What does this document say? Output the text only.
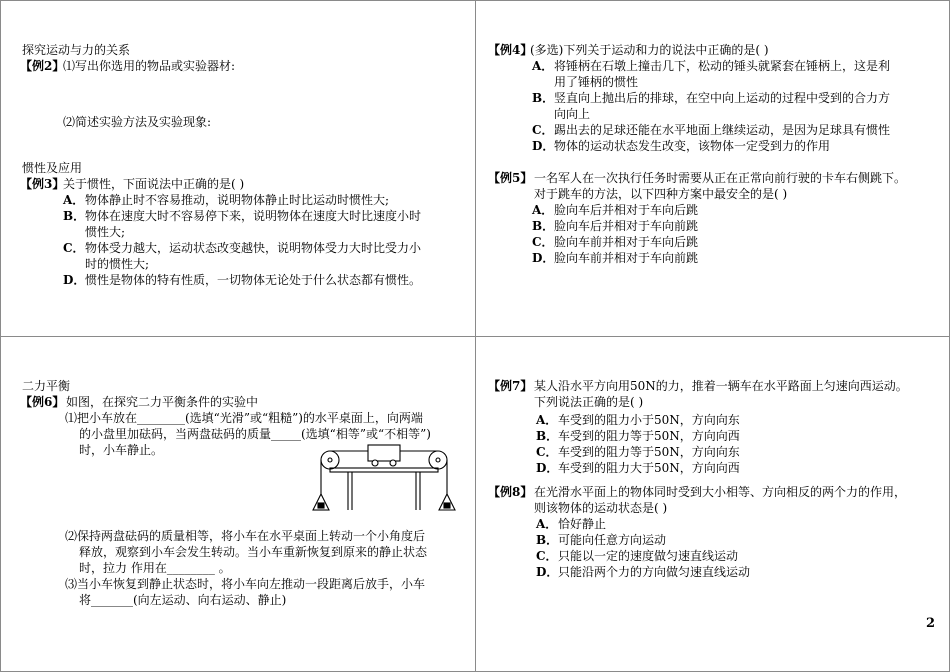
探究运动与力的关系
【例2】
⑴写出你选用的物品或实验器材:
⑵简述实验方法及实验现象:
惯性及应用
【例3】
关于惯性，下面说法中正确的是( )
A． 物体静止时不容易推动，说明物体静止时比运动时惯性大;
B． 物体在速度大时不容易停下来，说明物体在速度大时比速度小时
惯性大;
C． 物体受力越大，运动状态改变越快，说明物体受力大时比受力小
时的惯性大;
D． 惯性是物体的特有性质，一切物体无论处于什么状态都有惯性。
【例4】
(多选)下列关于运动和力的说法中正确的是( )
A． 将锤柄在石墩上撞击几下，松动的锤头就紧套在锤柄上，这是利
用了锤柄的惯性
B． 竖直向上抛出后的排球，在空中向上运动的过程中受到的合力方
向向上
C． 踢出去的足球还能在水平地面上继续运动，是因为足球具有惯性
D． 物体的运动状态发生改变，该物体一定受到力的作用
【例5】 一名军人在一次执行任务时需要从正在正常向前行驶的卡车右侧跳下。
对于跳车的方法，以下四种方案中最安全的是( )
A． 脸向车后并相对于车向后跳
B． 脸向车后并相对于车向前跳
C． 脸向车前并相对于车向后跳
D． 脸向车前并相对于车向前跳
二力平衡
【例6】 如图，在探究二力平衡条件的实验中
⑴把小车放在________(选填“光滑”或“粗糙”)的水平桌面上，向两端
的小盘里加砝码，当两盘砝码的质量_____(选填“相等”或“不相等”)
时，小车静止。
⑵保持两盘砝码的质量相等，将小车在水平桌面上转动一个小角度后
释放，观察到小车会发生转动。当小车重新恢复到原来的静止状态
时，拉力 作用在________ 。
⑶当小车恢复到静止状态时，将小车向左推动一段距离后放手，小车
将_______(向左运动、向右运动、静止)
【例7】 某人沿水平方向用50N的力，推着一辆车在水平路面上匀速向西运动。
下列说法正确的是( )
A． 车受到的阻力小于50N，方向向东
B． 车受到的阻力等于50N，方向向西
C． 车受到的阻力等于50N，方向向东
D． 车受到的阻力大于50N，方向向西
【例8】 在光滑水平面上的物体同时受到大小相等、方向相反的两个力的作用，
则该物体的运动状态是( )
A． 恰好静止
B． 可能向任意方向运动
C． 只能以一定的速度做匀速直线运动
D． 只能沿两个力的方向做匀速直线运动
2
